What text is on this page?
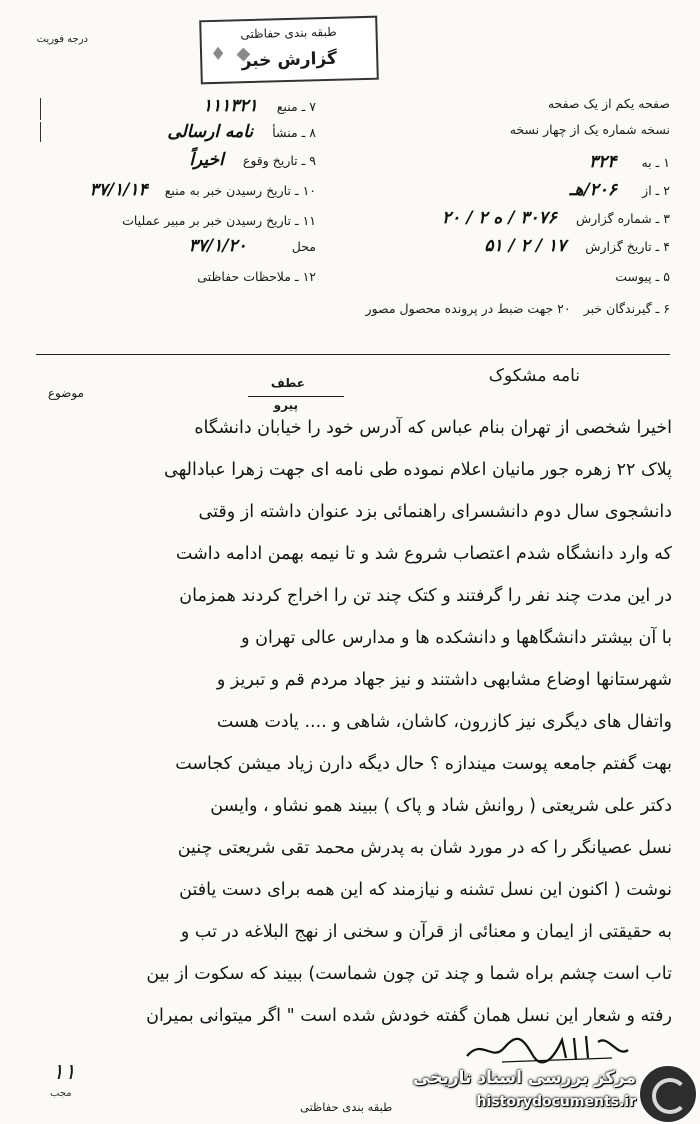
♦ ◆
طبقه بندی حفاظتی
گزارش خبر
درجه فوریت
صفحه یکم از یک صفحه
نسخه شماره یک از چهار نسخه
۱ ـ به ۳۲۴
۲ ـ از ۲۰۶/هـ
۳ ـ شماره گزارش ۳۰۷۶ / ه ۲ / ۲۰
۴ ـ تاریخ گزارش ۱۷ / ۲ / ۵۱
۵ ـ پیوست
۶ ـ گیرندگان خبر ۲۰ جهت ضبط در پرونده محصول مصور
۷ ـ منبع ۱۱۱۳۲۱
۸ ـ منشأ نامه ارسالی
۹ ـ تاریخ وقوع اخیراً
۱۰ ـ تاریخ رسیدن خبر به منبع ۳۷/۱/۱۴
۱۱ ـ تاریخ رسیدن خبر بر مبیر عملیات
محل ۳۷/۱/۲۰
۱۲ ـ ملاحظات حفاظتی
موضوع
نامه مشکوک
عطف
پیرو
اخیرا شخصی از تهران بنام عباس که آدرس خود را خیابان دانشگاه
پلاک ۲۲ زهره جور مانیان اعلام نموده طی نامه ای جهت زهرا عبادالهی
دانشجوی سال دوم دانشسرای راهنمائی بزد عنوان داشته از وقتی
که وارد دانشگاه شدم اعتصاب شروع شد و تا نیمه بهمن ادامه داشت
در این مدت چند نفر را گرفتند و کتک چند تن را اخراج کردند همزمان
با آن بیشتر دانشگاهها و دانشکده ها و مدارس عالی تهران و
شهرستانها اوضاع مشابهی داشتند و نیز جهاد مردم قم و تبریز و
واتفال های دیگری نیز کازرون، کاشان، شاهی و .... یادت هست
بهت گفتم جامعه پوست میندازه ؟ حال دیگه دارن زیاد میشن کجاست
دکتر علی شریعتی ( روانش شاد و پاک ) ببیند همو نشاو ، وایسن
نسل عصیانگر را که در مورد شان به پدرش محمد تقی شریعتی چنین
نوشت ( اکنون این نسل تشنه و نیازمند که این همه برای دست یافتن
به حقیقتی از ایمان و معنائی از قرآن و سخنی از نهج البلاغه در تب و
تاب است چشم براه شما و چند تن چون شماست) ببیند که سکوت از بین
رفته و شعار این نسل همان گفته خودش شده است " اگر میتوانی بمیران
۱۱
مجب
طبقه بندی حفاظتی
مرکز بررسی اسناد تاریخی
historydocuments.ir
